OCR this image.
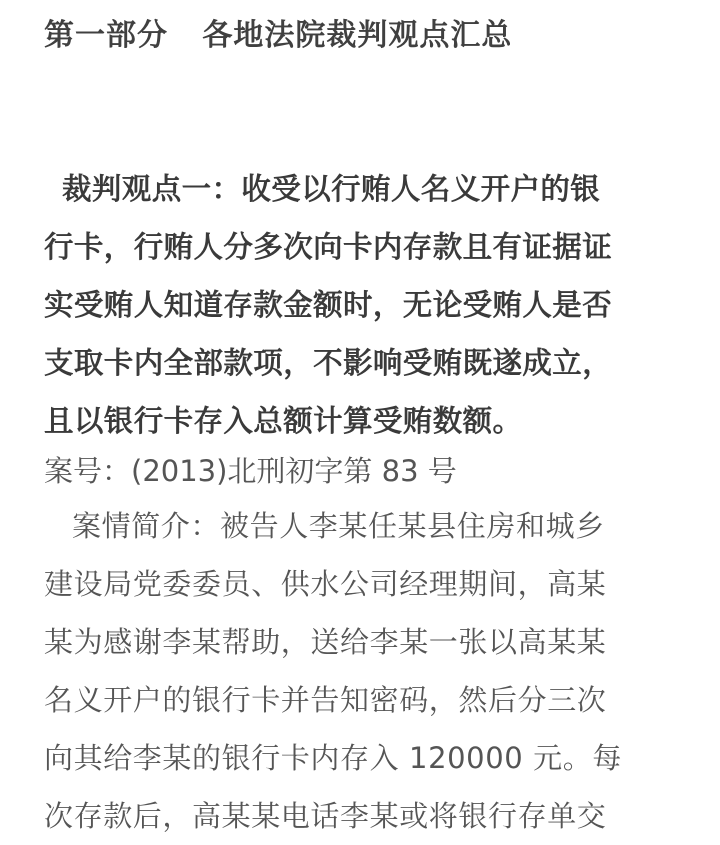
第一部分   各地法院裁判观点汇总

裁判观点一：收受以行贿人名义开户的银
行卡，行贿人分多次向卡内存款且有证据证
实受贿人知道存款金额时，无论受贿人是否
支取卡内全部款项，不影响受贿既遂成立，
且以银行卡存入总额计算受贿数额。

案号：(2013)北刑初字第 83 号

案情简介：被告人李某任某县住房和城乡
建设局党委委员、供水公司经理期间，高某
某为感谢李某帮助，送给李某一张以高某某
名义开户的银行卡并告知密码，然后分三次
向其给李某的银行卡内存入 120000 元。每
次存款后，高某某电话李某或将银行存单交
